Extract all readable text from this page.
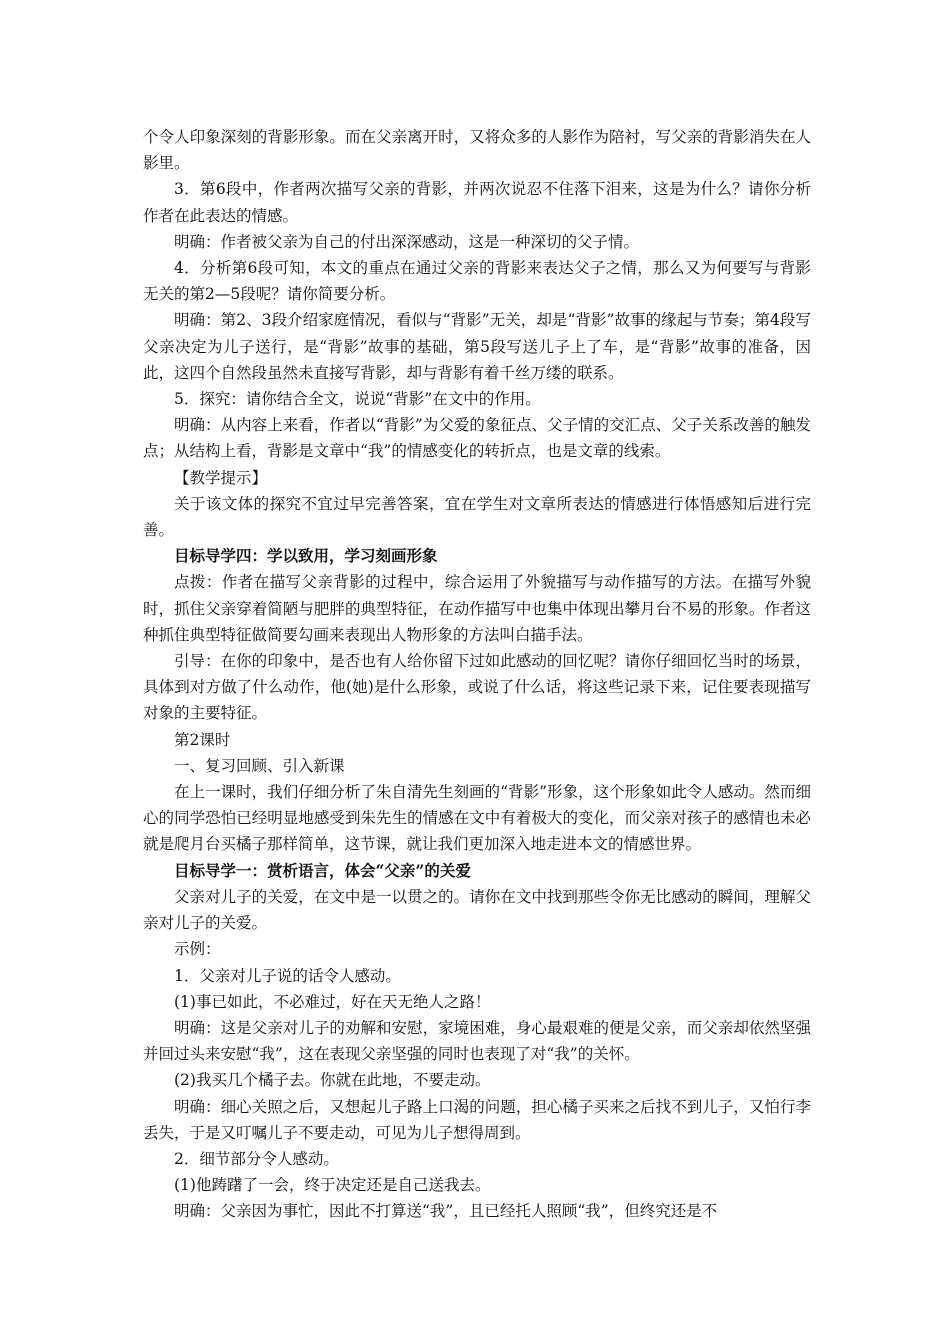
个令人印象深刻的背影形象。而在父亲离开时，又将众多的人影作为陪衬，写父亲的背影消失在人影里。

3．第6段中，作者两次描写父亲的背影，并两次说忍不住落下泪来，这是为什么？请你分析作者在此表达的情感。

明确：作者被父亲为自己的付出深深感动，这是一种深切的父子情。

4．分析第6段可知，本文的重点在通过父亲的背影来表达父子之情，那么又为何要写与背影无关的第2—5段呢？请你简要分析。

明确：第2、3段介绍家庭情况，看似与“背影”无关，却是“背影”故事的缘起与节奏；第4段写父亲决定为儿子送行，是“背影”故事的基础，第5段写送儿子上了车，是“背影”故事的准备，因此，这四个自然段虽然未直接写背影，却与背影有着千丝万缕的联系。

5．探究：请你结合全文，说说“背影”在文中的作用。

明确：从内容上来看，作者以“背影”为父爱的象征点、父子情的交汇点、父子关系改善的触发点；从结构上看，背影是文章中“我”的情感变化的转折点，也是文章的线索。

【教学提示】

关于该文体的探究不宜过早完善答案，宜在学生对文章所表达的情感进行体悟感知后进行完善。

目标导学四：学以致用，学习刻画形象

点拨：作者在描写父亲背影的过程中，综合运用了外貌描写与动作描写的方法。在描写外貌时，抓住父亲穿着简陋与肥胖的典型特征，在动作描写中也集中体现出攀月台不易的形象。作者这种抓住典型特征做简要勾画来表现出人物形象的方法叫白描手法。

引导：在你的印象中，是否也有人给你留下过如此感动的回忆呢？请你仔细回忆当时的场景，具体到对方做了什么动作，他(她)是什么形象，或说了什么话，将这些记录下来，记住要表现描写对象的主要特征。

第2课时

一、复习回顾、引入新课

在上一课时，我们仔细分析了朱自清先生刻画的“背影”形象，这个形象如此令人感动。然而细心的同学恐怕已经明显地感受到朱先生的情感在文中有着极大的变化，而父亲对孩子的感情也未必就是爬月台买橘子那样简单，这节课，就让我们更加深入地走进本文的情感世界。

目标导学一：赏析语言，体会“父亲”的关爱

父亲对儿子的关爱，在文中是一以贯之的。请你在文中找到那些令你无比感动的瞬间，理解父亲对儿子的关爱。

示例：

1．父亲对儿子说的话令人感动。

(1)事已如此，不必难过，好在天无绝人之路！

明确：这是父亲对儿子的劝解和安慰，家境困难，身心最艰难的便是父亲，而父亲却依然坚强并回过头来安慰“我”，这在表现父亲坚强的同时也表现了对“我”的关怀。

(2)我买几个橘子去。你就在此地，不要走动。

明确：细心关照之后，又想起儿子路上口渴的问题，担心橘子买来之后找不到儿子，又怕行李丢失，于是又叮嘱儿子不要走动，可见为儿子想得周到。

2．细节部分令人感动。

(1)他踌躇了一会，终于决定还是自己送我去。

明确：父亲因为事忙，因此不打算送“我”，且已经托人照顾“我”，但终究还是不
